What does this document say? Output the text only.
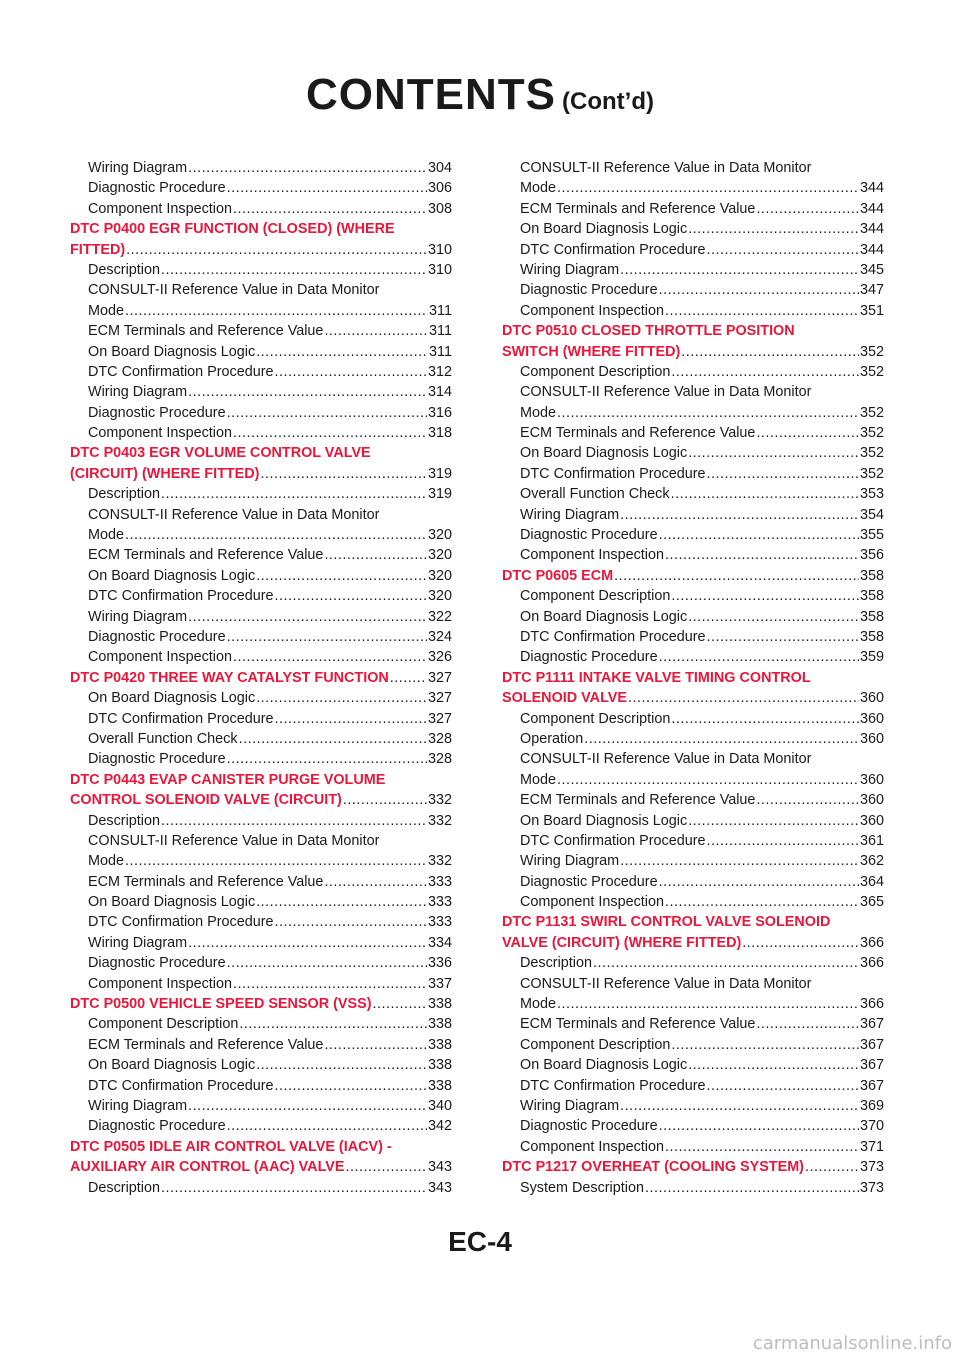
CONTENTS (Cont’d)
Wiring Diagram .....	304
Diagnostic Procedure .....	306
Component Inspection .....	308
DTC P0400 EGR FUNCTION (CLOSED) (WHERE
FITTED) .....	310
Description .....	310
CONSULT-II Reference Value in Data Monitor
Mode .....	311
ECM Terminals and Reference Value .....	311
On Board Diagnosis Logic .....	311
DTC Confirmation Procedure .....	312
Wiring Diagram .....	314
Diagnostic Procedure .....	316
Component Inspection .....	318
DTC P0403 EGR VOLUME CONTROL VALVE
(CIRCUIT) (WHERE FITTED) .....	319
Description .....	319
CONSULT-II Reference Value in Data Monitor
Mode .....	320
ECM Terminals and Reference Value .....	320
On Board Diagnosis Logic .....	320
DTC Confirmation Procedure .....	320
Wiring Diagram .....	322
Diagnostic Procedure .....	324
Component Inspection .....	326
DTC P0420 THREE WAY CATALYST FUNCTION .....	327
On Board Diagnosis Logic .....	327
DTC Confirmation Procedure .....	327
Overall Function Check .....	328
Diagnostic Procedure .....	328
DTC P0443 EVAP CANISTER PURGE VOLUME
CONTROL SOLENOID VALVE (CIRCUIT) .....	332
Description .....	332
CONSULT-II Reference Value in Data Monitor
Mode .....	332
ECM Terminals and Reference Value .....	333
On Board Diagnosis Logic .....	333
DTC Confirmation Procedure .....	333
Wiring Diagram .....	334
Diagnostic Procedure .....	336
Component Inspection .....	337
DTC P0500 VEHICLE SPEED SENSOR (VSS) .....	338
Component Description .....	338
ECM Terminals and Reference Value .....	338
On Board Diagnosis Logic .....	338
DTC Confirmation Procedure .....	338
Wiring Diagram .....	340
Diagnostic Procedure .....	342
DTC P0505 IDLE AIR CONTROL VALVE (IACV) -
AUXILIARY AIR CONTROL (AAC) VALVE .....	343
Description .....	343
CONSULT-II Reference Value in Data Monitor
Mode .....	344
ECM Terminals and Reference Value .....	344
On Board Diagnosis Logic .....	344
DTC Confirmation Procedure .....	344
Wiring Diagram .....	345
Diagnostic Procedure .....	347
Component Inspection .....	351
DTC P0510 CLOSED THROTTLE POSITION
SWITCH (WHERE FITTED) .....	352
Component Description .....	352
CONSULT-II Reference Value in Data Monitor
Mode .....	352
ECM Terminals and Reference Value .....	352
On Board Diagnosis Logic .....	352
DTC Confirmation Procedure .....	352
Overall Function Check .....	353
Wiring Diagram .....	354
Diagnostic Procedure .....	355
Component Inspection .....	356
DTC P0605 ECM .....	358
Component Description .....	358
On Board Diagnosis Logic .....	358
DTC Confirmation Procedure .....	358
Diagnostic Procedure .....	359
DTC P1111 INTAKE VALVE TIMING CONTROL
SOLENOID VALVE .....	360
Component Description .....	360
Operation .....	360
CONSULT-II Reference Value in Data Monitor
Mode .....	360
ECM Terminals and Reference Value .....	360
On Board Diagnosis Logic .....	360
DTC Confirmation Procedure .....	361
Wiring Diagram .....	362
Diagnostic Procedure .....	364
Component Inspection .....	365
DTC P1131 SWIRL CONTROL VALVE SOLENOID
VALVE (CIRCUIT) (WHERE FITTED) .....	366
Description .....	366
CONSULT-II Reference Value in Data Monitor
Mode .....	366
ECM Terminals and Reference Value .....	367
Component Description .....	367
On Board Diagnosis Logic .....	367
DTC Confirmation Procedure .....	367
Wiring Diagram .....	369
Diagnostic Procedure .....	370
Component Inspection .....	371
DTC P1217 OVERHEAT (COOLING SYSTEM) .....	373
System Description .....	373
EC-4
carmanualsonline.info
